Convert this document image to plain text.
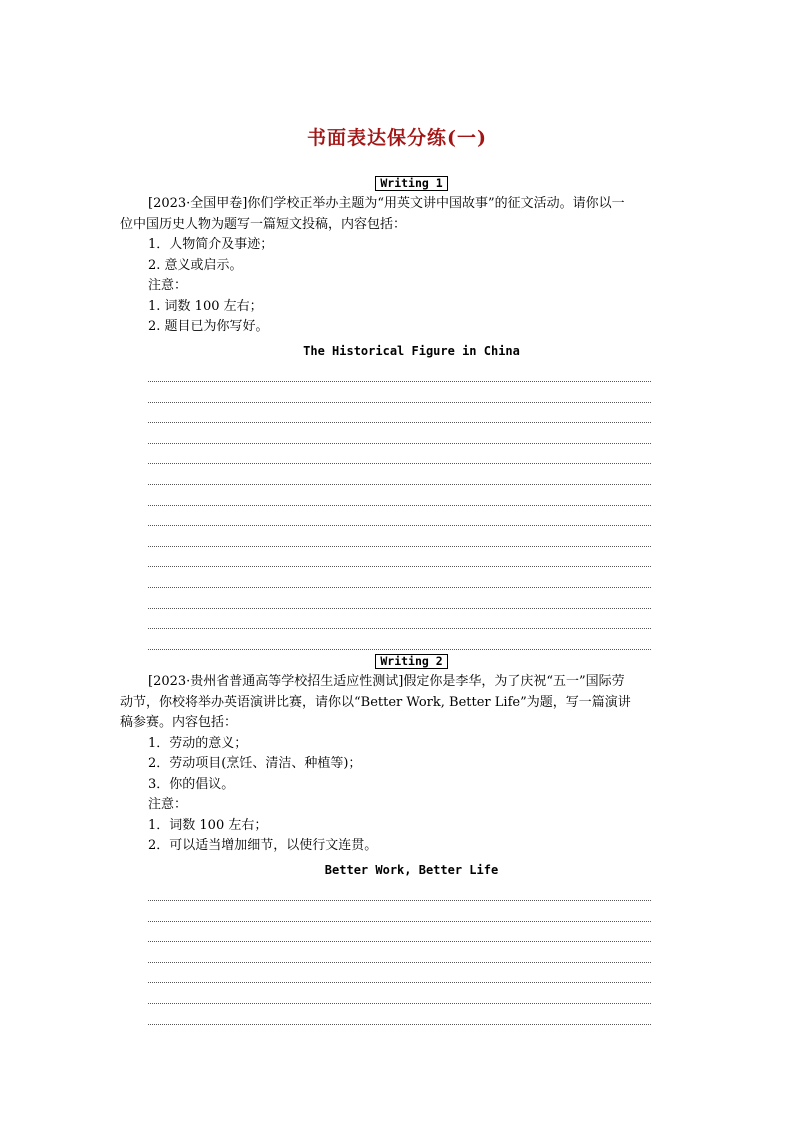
书面表达保分练(一)
Writing 1
[2023·全国甲卷]你们学校正举办主题为“用英文讲中国故事”的征文活动。请你以一
位中国历史人物为题写一篇短文投稿，内容包括：
1．人物简介及事迹；
2. 意义或启示。
注意：
1. 词数 100 左右；
2. 题目已为你写好。
The Historical Figure in China
Writing 2
[2023·贵州省普通高等学校招生适应性测试]假定你是李华，为了庆祝“五一”国际劳
动节，你校将举办英语演讲比赛，请你以“Better Work, Better Life”为题，写一篇演讲
稿参赛。内容包括：
1．劳动的意义；
2．劳动项目(烹饪、清洁、种植等)；
3．你的倡议。
注意：
1．词数 100 左右；
2．可以适当增加细节，以使行文连贯。
Better Work, Better Life
